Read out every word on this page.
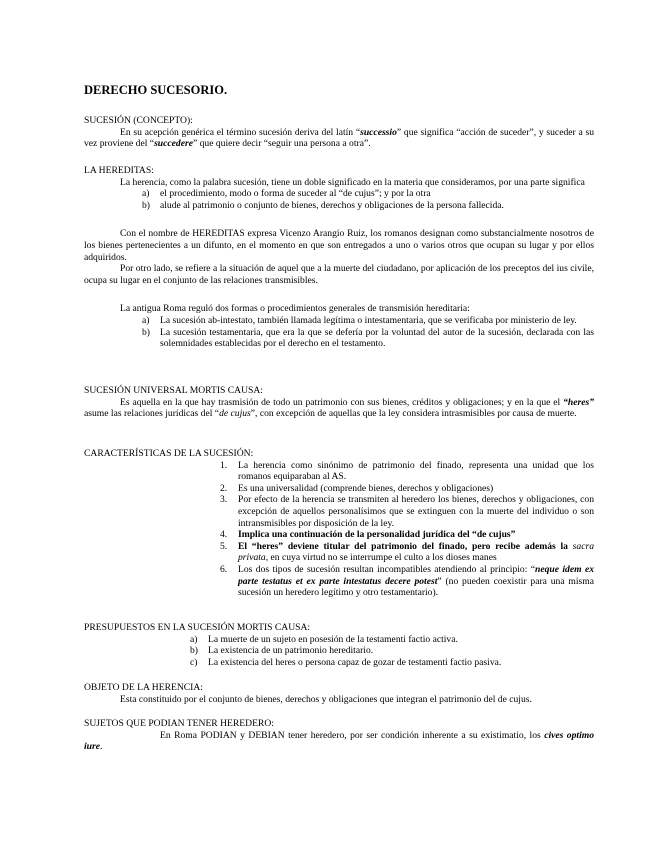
DERECHO SUCESORIO.
SUCESIÓN (CONCEPTO):

En su acepción genérica el término sucesión deriva del latín “successio” que significa “acción de suceder”, y suceder a su vez proviene del “succedere” que quiere decir “seguir una persona a otra”.

LA HEREDITAS:

La herencia, como la palabra sucesión, tiene un doble significado en la materia que consideramos, por una parte significa

a)	el procedimiento, modo o forma de suceder al “de cujus”; y por la otra
b)	alude al patrimonio o conjunto de bienes, derechos y obligaciones de la persona fallecida.

Con el nombre de HEREDITAS expresa Vicenzo Arangio Ruiz, los romanos designan como substancialmente nosotros de los bienes pertenecientes a un difunto, en el momento en que son entregados a uno o varios otros que ocupan su lugar y por ellos adquiridos.

Por otro lado, se refiere a la situación de aquel que a la muerte del ciudadano, por aplicación de los preceptos del ius civile, ocupa su lugar en el conjunto de las relaciones transmisibles.

La antigua Roma reguló dos formas o procedimientos generales de transmisión hereditaria:

a)	La sucesión ab-intestato, también llamada legítima o intestamentaria, que se verificaba por ministerio de ley.
b)	La sucesión testamentaria, que era la que se defería por la voluntad del autor de la sucesión, declarada con las solemnidades establecidas por el derecho en el testamento.
SUCESIÓN UNIVERSAL MORTIS CAUSA:

Es aquella en la que hay trasmisión de todo un patrimonio con sus bienes, créditos y obligaciones; y en la que el “heres” asume las relaciones jurídicas del “de cujus”, con excepción de aquellas que la ley considera intrasmisibles por causa de muerte.

CARACTERÍSTICAS DE LA SUCESIÓN:
1.	La herencia como sinónimo de patrimonio del finado, representa una unidad que los romanos equiparaban al AS.
2.	Es una universalidad (comprende bienes, derechos y obligaciones)
3.	Por efecto de la herencia se transmiten al heredero los bienes, derechos y obligaciones, con excepción de aquellos personalísimos que se extinguen con la muerte del individuo o son intransmisibles por disposición de la ley.
4.	Implica una continuación de la personalidad jurídica del “de cujus”
5.	El “heres” deviene titular del patrimonio del finado, pero recibe además la sacra privata, en cuya virtud no se interrumpe el culto a los dioses manes
6.	Los dos tipos de sucesión resultan incompatibles atendiendo al principio: “neque idem ex parte testatus et ex parte intestatus decere potest” (no pueden coexistir para una misma sucesión un heredero legítimo y otro testamentario).
PRESUPUESTOS EN LA SUCESIÓN MORTIS CAUSA:
a)	La muerte de un sujeto en posesión de la testamenti factio activa.
b)	La existencia de un patrimonio hereditario.
c)	La existencia del heres o persona capaz de gozar de testamenti factio pasiva.
OBJETO DE LA HERENCIA:

Esta constituido por el conjunto de bienes, derechos y obligaciones que integran el patrimonio del de cujus.

SUJETOS QUE PODIAN TENER HEREDERO:

En Roma PODIAN y DEBIAN tener heredero, por ser condición inherente a su existimatio, los cives optimo iure.
